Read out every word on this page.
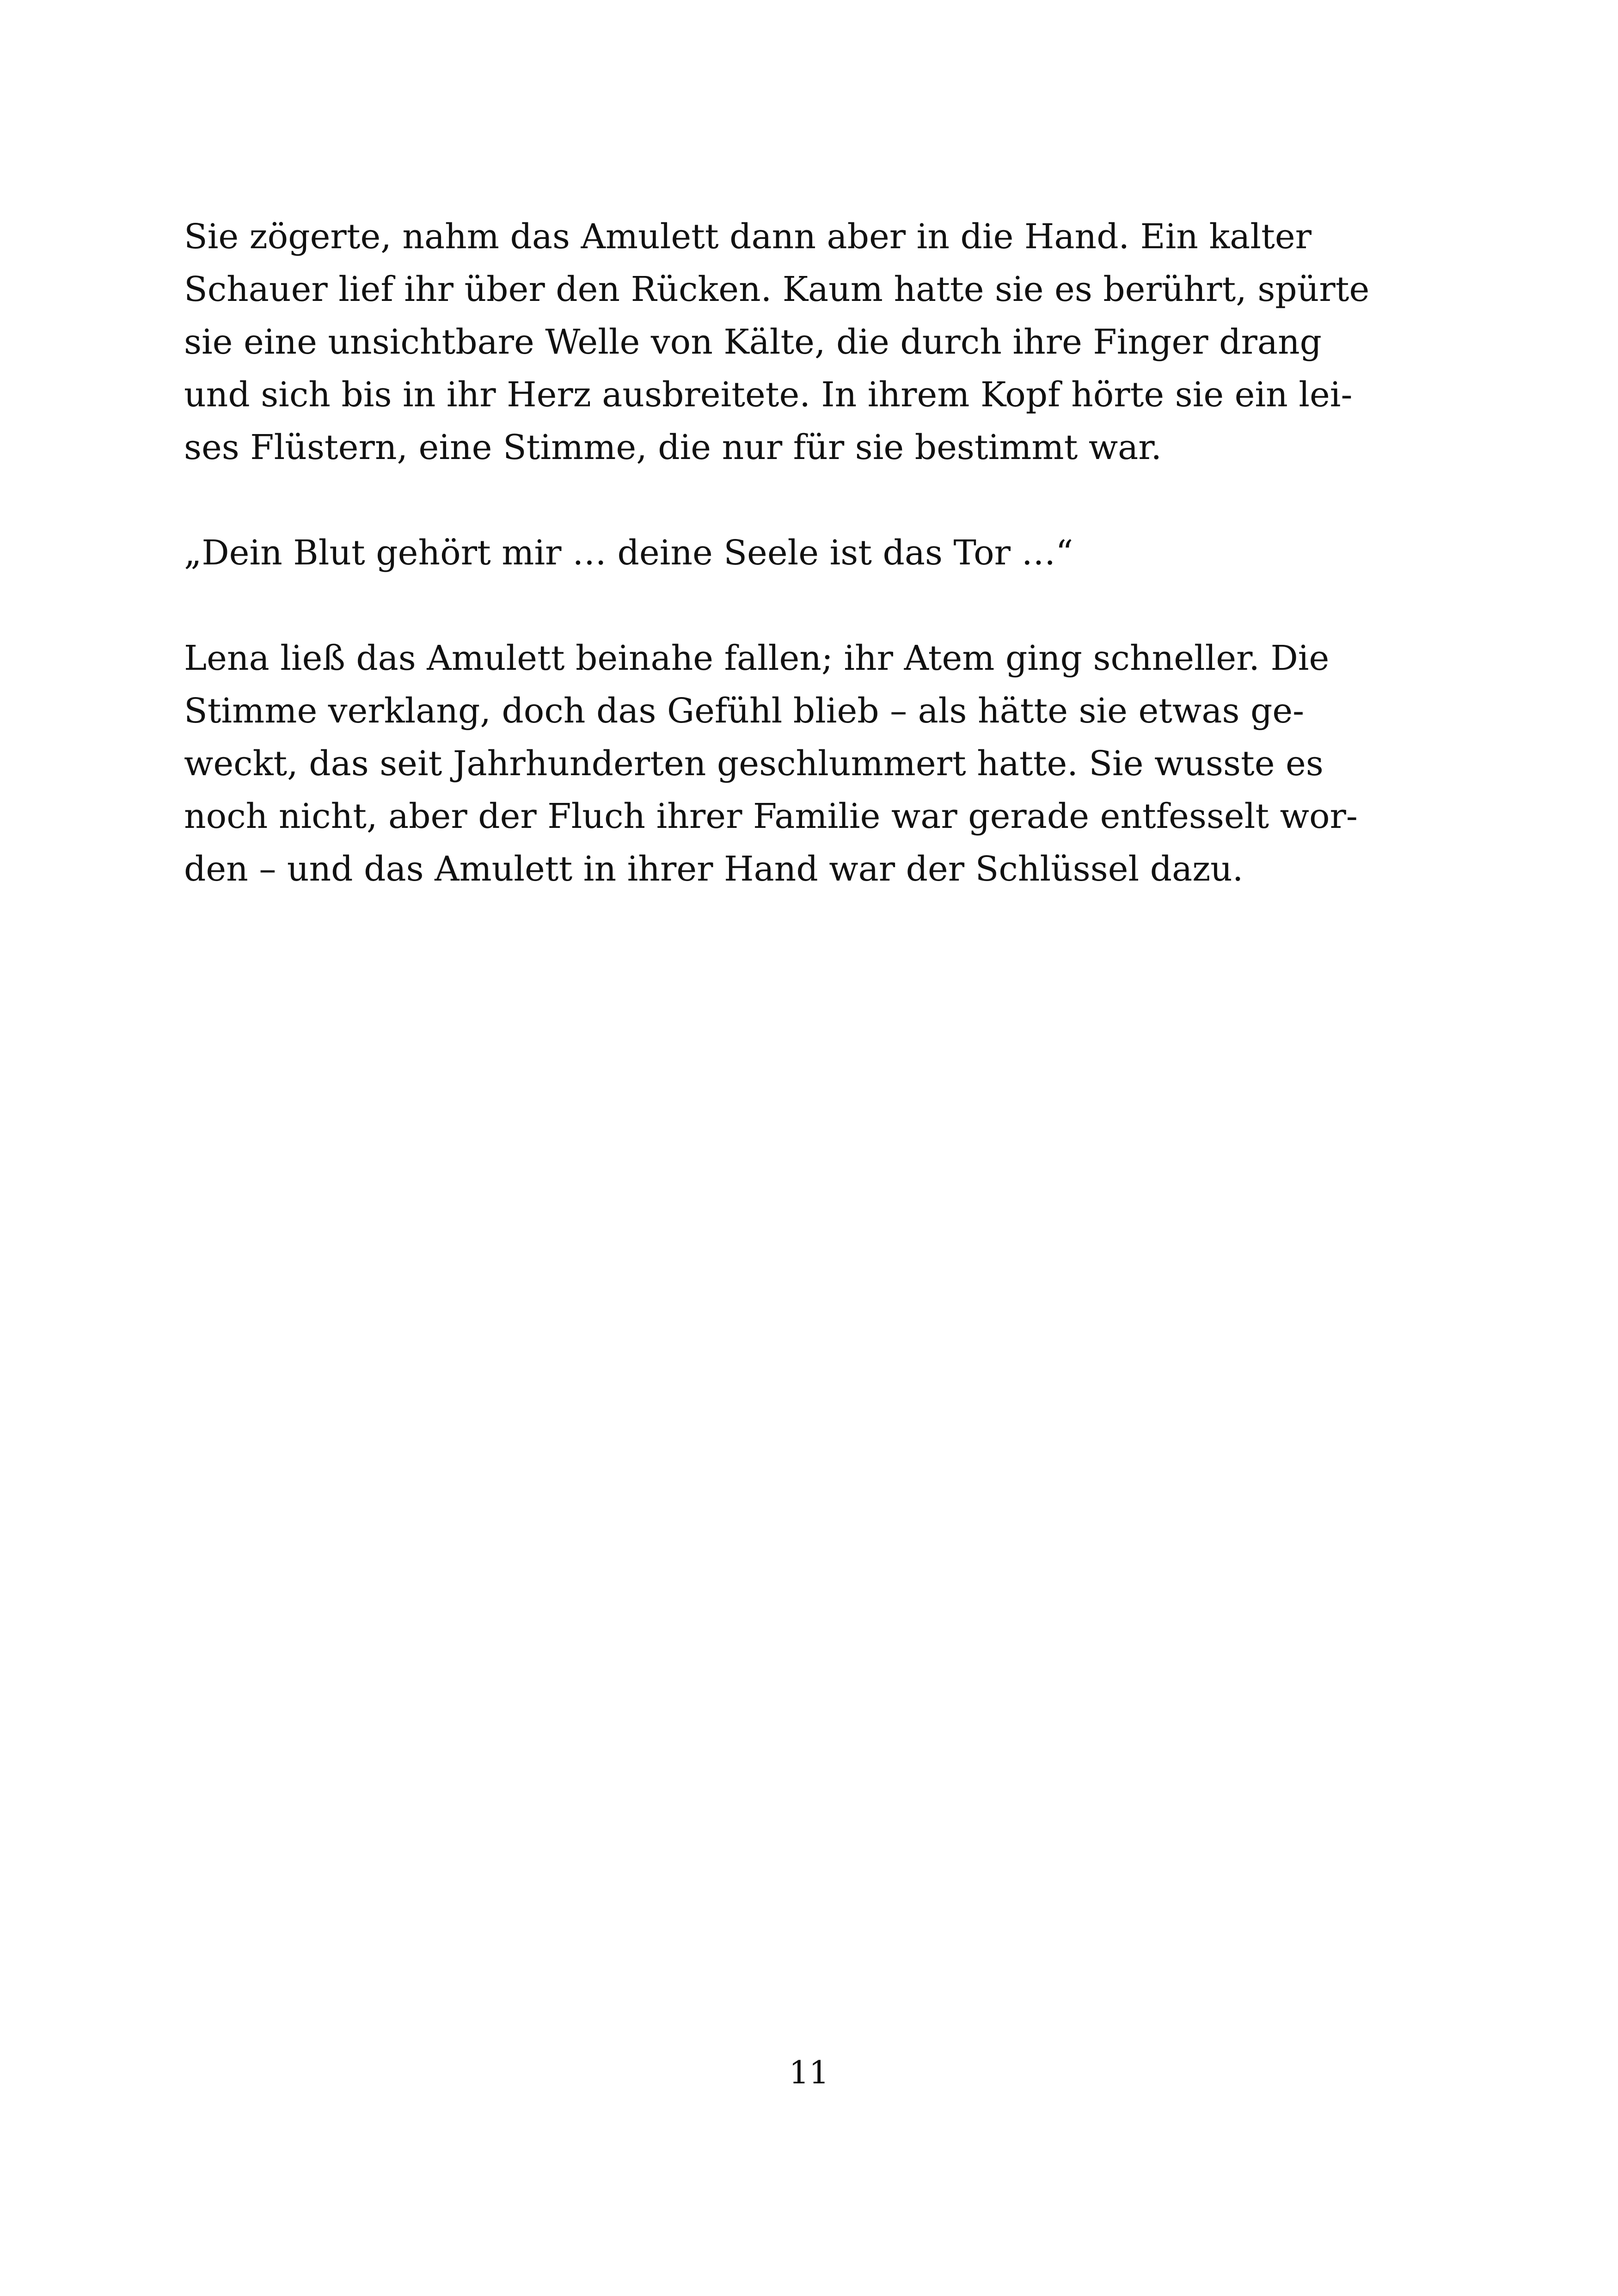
Sie zögerte, nahm das Amulett dann aber in die Hand. Ein kalter
Schauer lief ihr über den Rücken. Kaum hatte sie es berührt, spürte
sie eine unsichtbare Welle von Kälte, die durch ihre Finger drang
und sich bis in ihr Herz ausbreitete. In ihrem Kopf hörte sie ein lei-
ses Flüstern, eine Stimme, die nur für sie bestimmt war.

„Dein Blut gehört mir … deine Seele ist das Tor …“

Lena ließ das Amulett beinahe fallen; ihr Atem ging schneller. Die
Stimme verklang, doch das Gefühl blieb – als hätte sie etwas ge-
weckt, das seit Jahrhunderten geschlummert hatte. Sie wusste es
noch nicht, aber der Fluch ihrer Familie war gerade entfesselt wor-
den – und das Amulett in ihrer Hand war der Schlüssel dazu.

11
